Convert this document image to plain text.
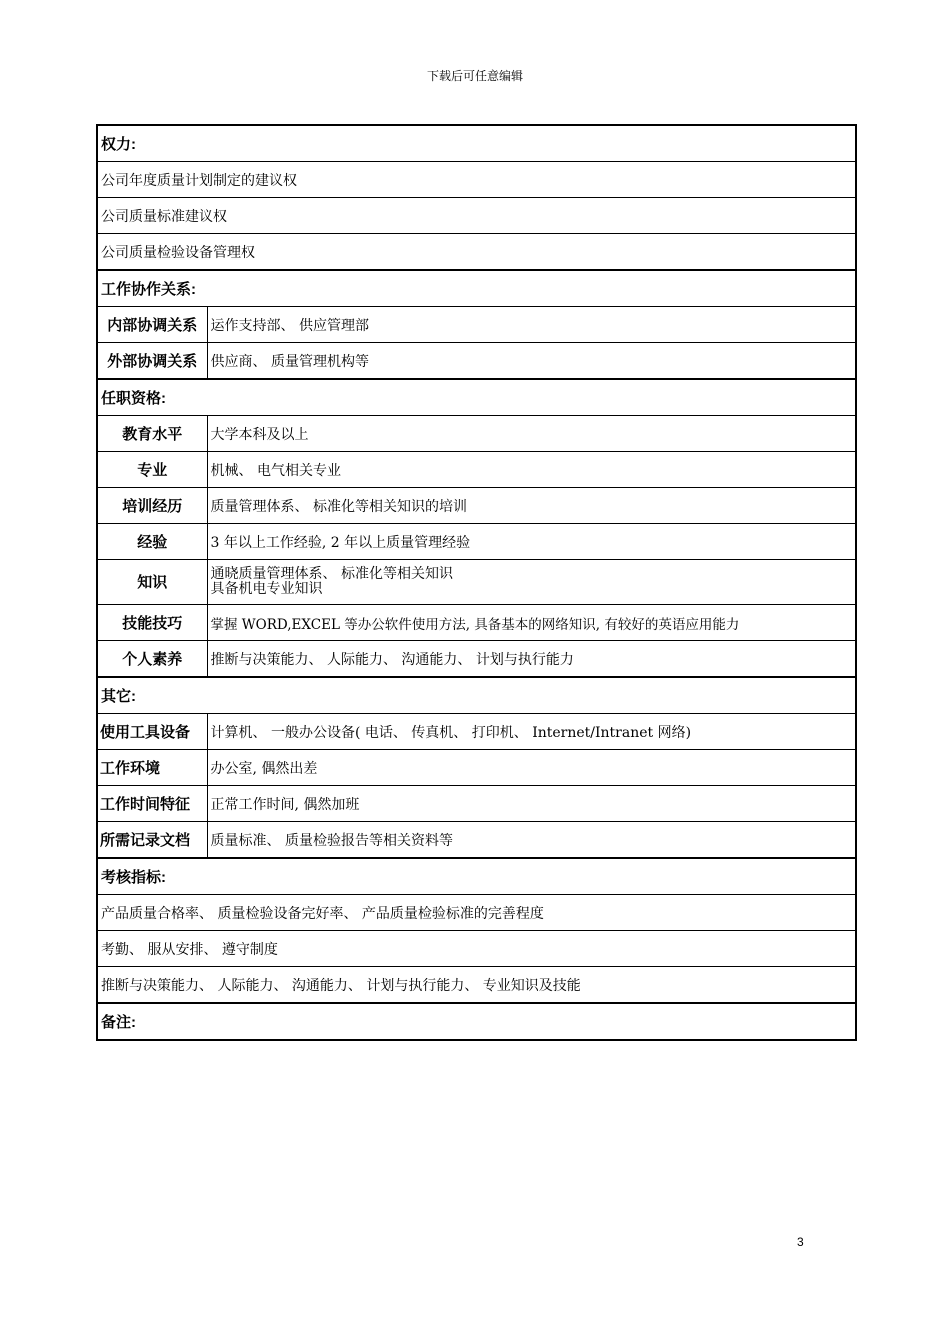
下载后可任意编辑
权力:	
公司年度质量计划制定的建议权	
公司质量标准建议权	
公司质量检验设备管理权	
工作协作关系:	
内部协调关系	运作支持部、 供应管理部
外部协调关系	供应商、 质量管理机构等
任职资格:	
教育水平	大学本科及以上
专业	机械、 电气相关专业
培训经历	质量管理体系、 标准化等相关知识的培训
经验	3 年以上工作经验, 2 年以上质量管理经验
知识	通晓质量管理体系、 标准化等相关知识
具备机电专业知识

技能技巧	掌握 WORD,EXCEL 等办公软件使用方法, 具备基本的网络知识, 有较好的英语应用能力
个人素养	推断与决策能力、 人际能力、 沟通能力、 计划与执行能力
其它:	
使用工具设备	计算机、 一般办公设备( 电话、 传真机、 打印机、 Internet/Intranet 网络)
工作环境	办公室, 偶然出差
工作时间特征	正常工作时间, 偶然加班
所需记录文档	质量标准、 质量检验报告等相关资料等
考核指标:	
产品质量合格率、 质量检验设备完好率、 产品质量检验标准的完善程度	
考勤、 服从安排、 遵守制度	
推断与决策能力、 人际能力、 沟通能力、 计划与执行能力、 专业知识及技能	
备注:	
3
